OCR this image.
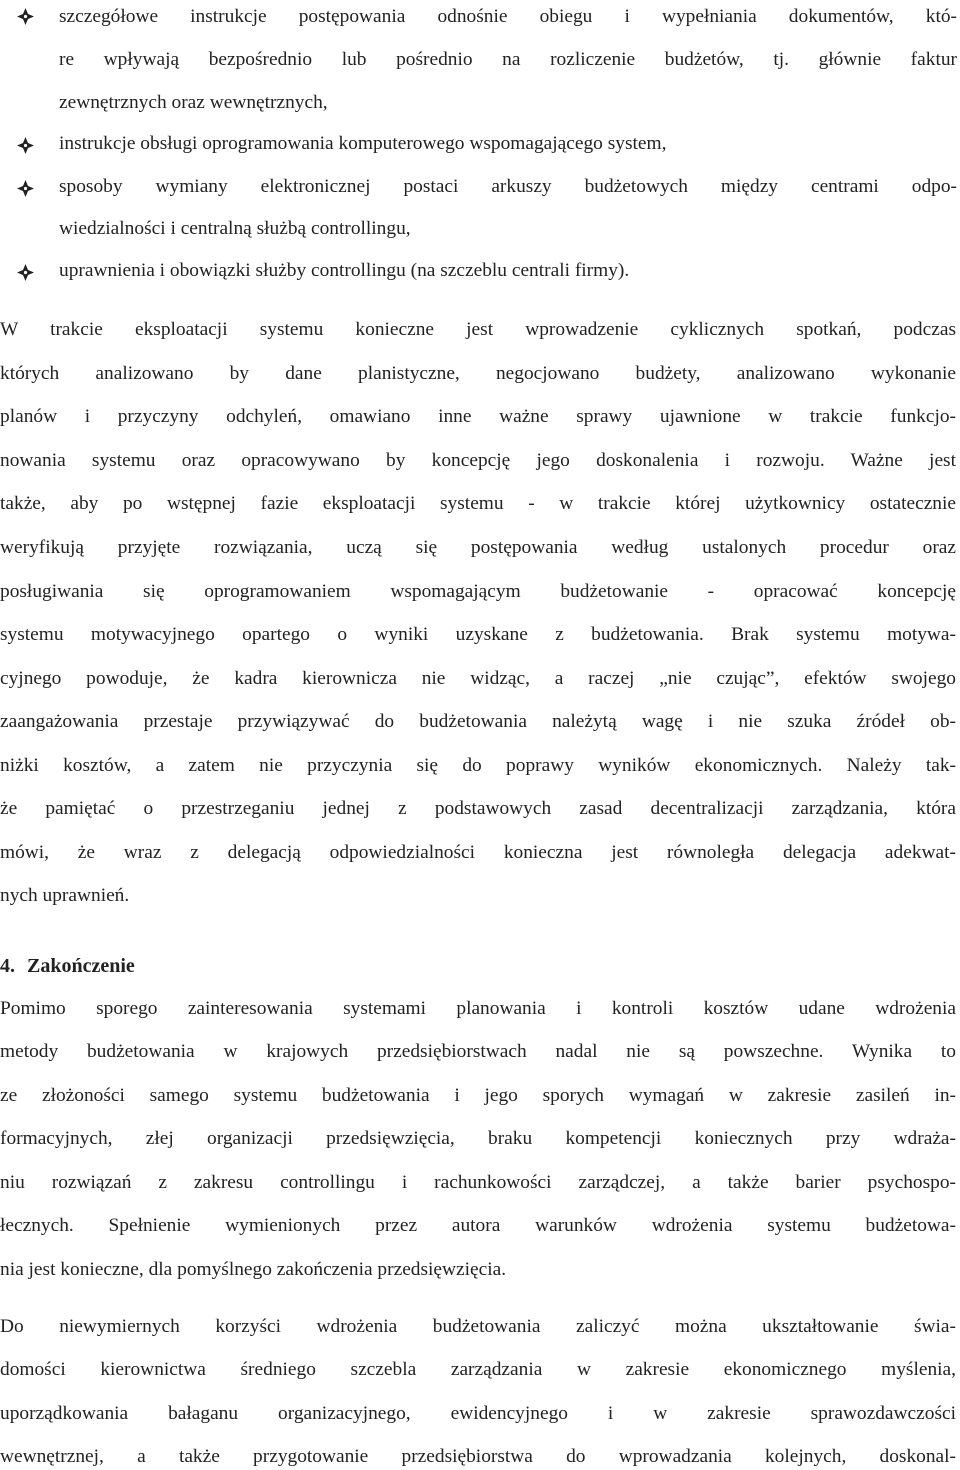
szczegółowe instrukcje postępowania odnośnie obiegu i wypełniania dokumentów, któ-
re wpływają bezpośrednio lub pośrednio na rozliczenie budżetów, tj. głównie faktur
zewnętrznych oraz wewnętrznych,
instrukcje obsługi oprogramowania komputerowego wspomagającego system,
sposoby wymiany elektronicznej postaci arkuszy budżetowych między centrami odpo-
wiedzialności i centralną służbą controllingu,
uprawnienia i obowiązki służby controllingu (na szczeblu centrali firmy).
W trakcie eksploatacji systemu konieczne jest wprowadzenie cyklicznych spotkań, podczas
których analizowano by dane planistyczne, negocjowano budżety, analizowano wykonanie
planów i przyczyny odchyleń, omawiano inne ważne sprawy ujawnione w trakcie funkcjo-
nowania systemu oraz opracowywano by koncepcję jego doskonalenia i rozwoju. Ważne jest
także, aby po wstępnej fazie eksploatacji systemu - w trakcie której użytkownicy ostatecznie
weryfikują przyjęte rozwiązania, uczą się postępowania według ustalonych procedur oraz
posługiwania się oprogramowaniem wspomagającym budżetowanie - opracować koncepcję
systemu motywacyjnego opartego o wyniki uzyskane z budżetowania. Brak systemu motywa-
cyjnego powoduje, że kadra kierownicza nie widząc, a raczej „nie czując”, efektów swojego
zaangażowania przestaje przywiązywać do budżetowania należytą wagę i nie szuka źródeł ob-
niżki kosztów, a zatem nie przyczynia się do poprawy wyników ekonomicznych. Należy tak-
że pamiętać o przestrzeganiu jednej z podstawowych zasad decentralizacji zarządzania, która
mówi, że wraz z delegacją odpowiedzialności konieczna jest równoległa delegacja adekwat-
nych uprawnień.
4. Zakończenie
Pomimo sporego zainteresowania systemami planowania i kontroli kosztów udane wdrożenia
metody budżetowania w krajowych przedsiębiorstwach nadal nie są powszechne. Wynika to
ze złożoności samego systemu budżetowania i jego sporych wymagań w zakresie zasileń in-
formacyjnych, złej organizacji przedsięwzięcia, braku kompetencji koniecznych przy wdraża-
niu rozwiązań z zakresu controllingu i rachunkowości zarządczej, a także barier psychospo-
łecznych. Spełnienie wymienionych przez autora warunków wdrożenia systemu budżetowa-
nia jest konieczne, dla pomyślnego zakończenia przedsięwzięcia.
Do niewymiernych korzyści wdrożenia budżetowania zaliczyć można ukształtowanie świa-
domości kierownictwa średniego szczebla zarządzania w zakresie ekonomicznego myślenia,
uporządkowania bałaganu organizacyjnego, ewidencyjnego i w zakresie sprawozdawczości
wewnętrznej, a także przygotowanie przedsiębiorstwa do wprowadzania kolejnych, doskonal-
